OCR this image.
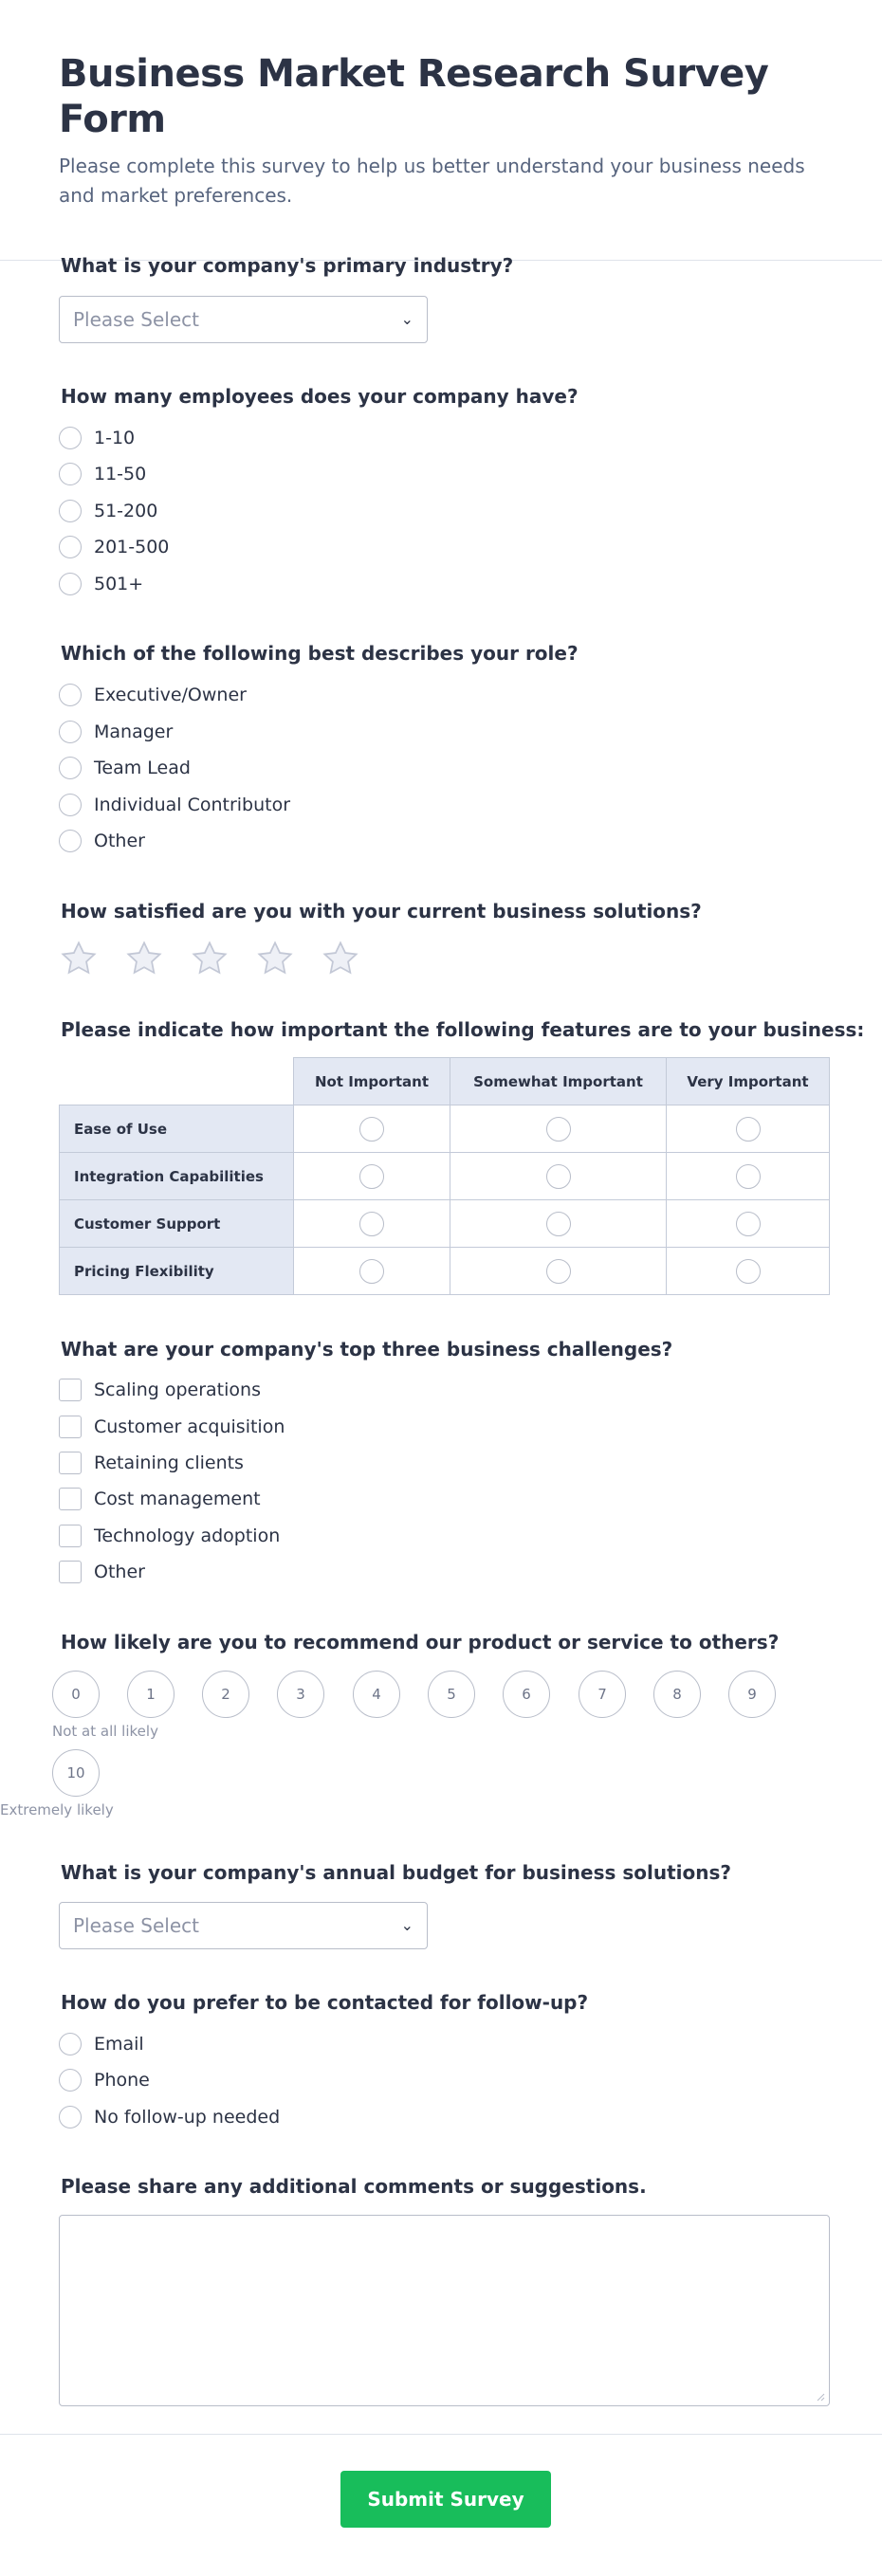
Business Market Research Survey Form

Please complete this survey to help us better understand your business needs and market preferences.

What is your company's primary industry?
Please Select	⌄
How many employees does your company have?
1-10
11-50
51-200
201-500
501+
Which of the following best describes your role?
Executive/Owner
Manager
Team Lead
Individual Contributor
Other
How satisfied are you with your current business solutions?
Please indicate how important the following features are to your business:
	Not Important	Somewhat Important	Very Important
Ease of Use			
Integration Capabilities			
Customer Support			
Pricing Flexibility			
What are your company's top three business challenges?
Scaling operations
Customer acquisition
Retaining clients
Cost management
Technology adoption
Other
How likely are you to recommend our product or service to others?
0	1	2	3	4	5	6	7	8	9
Not at all likely
10
Extremely likely
What is your company's annual budget for business solutions?
Please Select	⌄
How do you prefer to be contacted for follow-up?
Email
Phone
No follow-up needed
Please share any additional comments or suggestions.
Submit Survey
